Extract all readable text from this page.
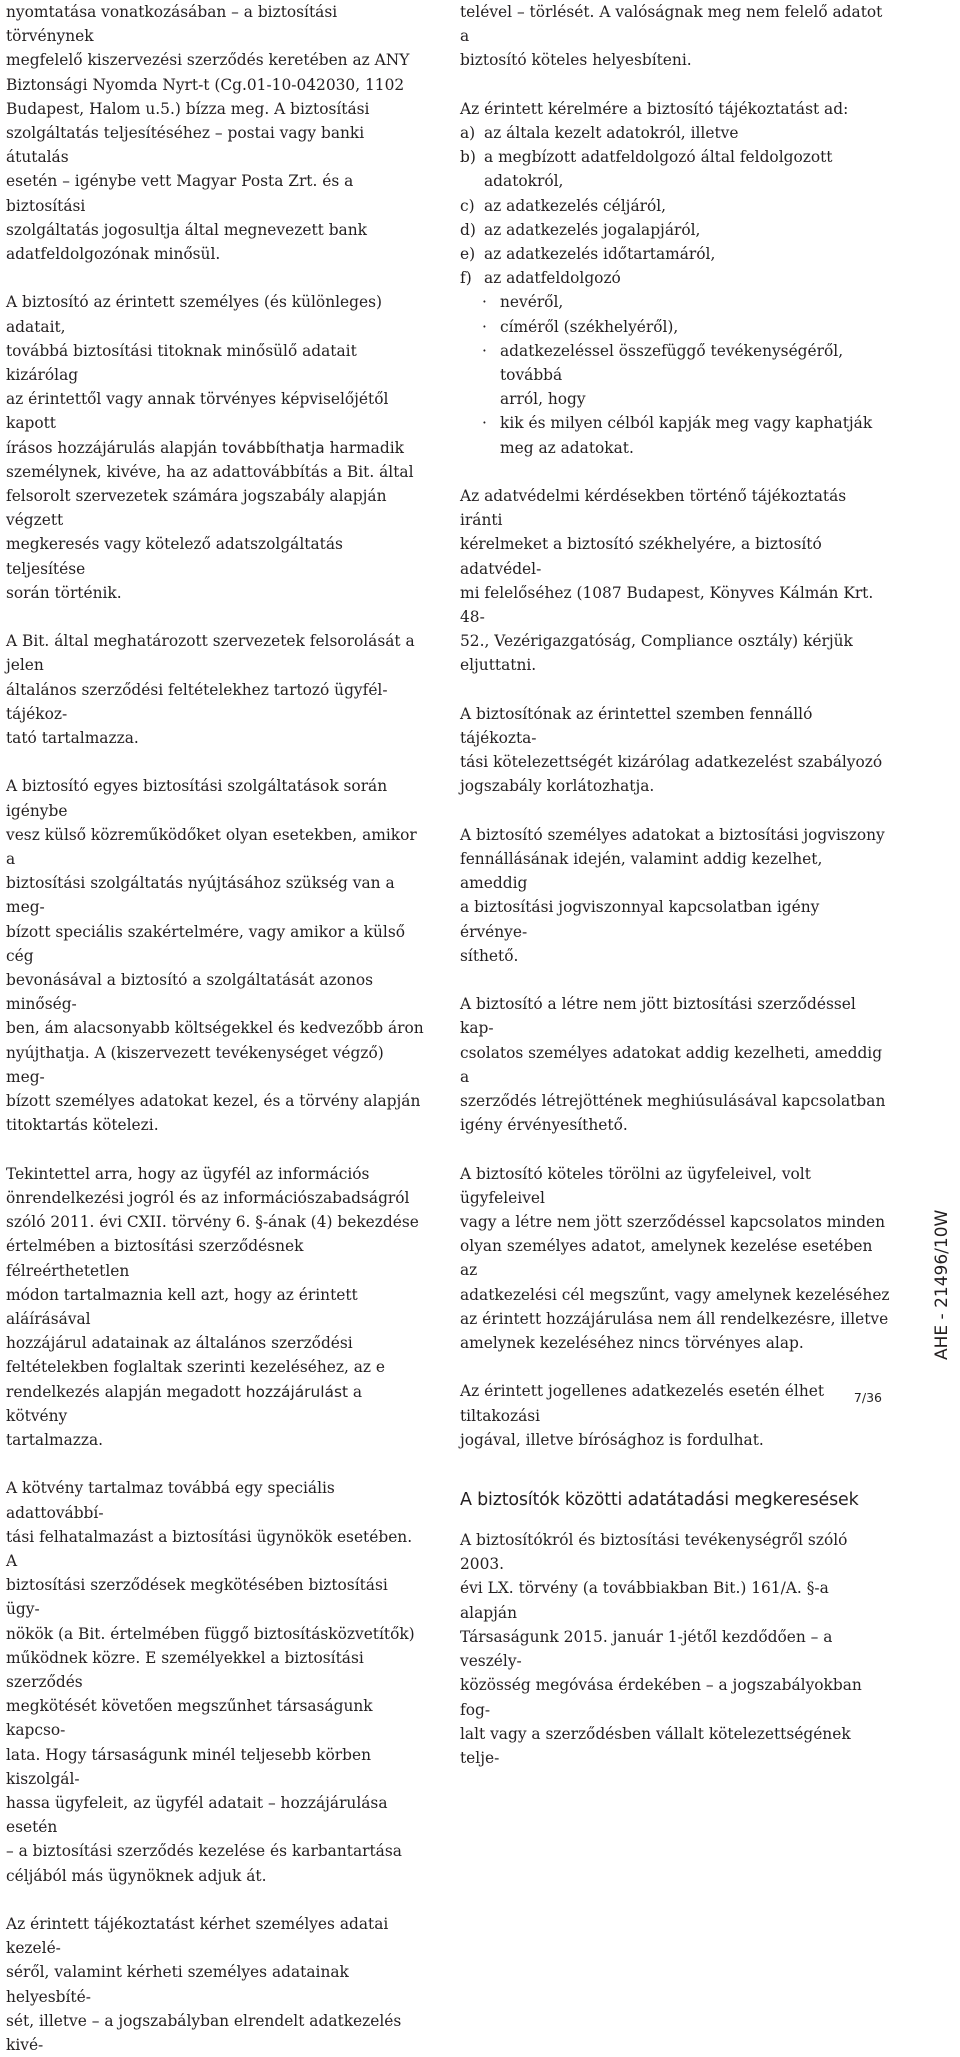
nyomtatása vonatkozásában – a biztosítási törvénynek
megfelelő kiszervezési szerződés keretében az ANY
Biztonsági Nyomda Nyrt-t (Cg.01-10-042030, 1102
Budapest, Halom u.5.) bízza meg. A biztosítási
szolgáltatás teljesítéséhez – postai vagy banki átutalás
esetén – igénybe vett Magyar Posta Zrt. és a biztosítási
szolgáltatás jogosultja által megnevezett bank
adatfeldolgozónak minősül.

A biztosító az érintett személyes (és különleges) adatait,
továbbá biztosítási titoknak minősülő adatait kizárólag
az érintettől vagy annak törvényes képviselőjétől kapott
írásos hozzájárulás alapján továbbíthatja harmadik
személynek, kivéve, ha az adattovábbítás a Bit. által
felsorolt szervezetek számára jogszabály alapján végzett
megkeresés vagy kötelező adatszolgáltatás teljesítése
során történik.

A Bit. által meghatározott szervezetek felsorolását a jelen
általános szerződési feltételekhez tartozó ügyfél-tájékoz-
tató tartalmazza.

A biztosító egyes biztosítási szolgáltatások során igénybe
vesz külső közreműködőket olyan esetekben, amikor a
biztosítási szolgáltatás nyújtásához szükség van a meg-
bízott speciális szakértelmére, vagy amikor a külső cég
bevonásával a biztosító a szolgáltatását azonos minőség-
ben, ám alacsonyabb költségekkel és kedvezőbb áron
nyújthatja. A (kiszervezett tevékenységet végző) meg-
bízott személyes adatokat kezel, és a törvény alapján
titoktartás kötelezi.

Tekintettel arra, hogy az ügyfél az információs
önrendelkezési jogról és az információszabadságról
szóló 2011. évi CXII. törvény 6. §-ának (4) bekezdése
értelmében a biztosítási szerződésnek félreérthetetlen
módon tartalmaznia kell azt, hogy az érintett aláírásával
hozzájárul adatainak az általános szerződési
feltételekben foglaltak szerinti kezeléséhez, az e
rendelkezés alapján megadott hozzájárulást a kötvény
tartalmazza.

A kötvény tartalmaz továbbá egy speciális adattovábbí-
tási felhatalmazást a biztosítási ügynökök esetében. A
biztosítási szerződések megkötésében biztosítási ügy-
nökök (a Bit. értelmében függő biztosításközvetítők)
működnek közre. E személyekkel a biztosítási szerződés
megkötését követően megszűnhet társaságunk kapcso-
lata. Hogy társaságunk minél teljesebb körben kiszolgál-
hassa ügyfeleit, az ügyfél adatait – hozzájárulása esetén
– a biztosítási szerződés kezelése és karbantartása
céljából más ügynöknek adjuk át.

Az érintett tájékoztatást kérhet személyes adatai kezelé-
séről, valamint kérheti személyes adatainak helyesbíté-
sét, illetve – a jogszabályban elrendelt adatkezelés kivé-

telével – törlését. A valóságnak meg nem felelő adatot a
biztosító köteles helyesbíteni.

Az érintett kérelmére a biztosító tájékoztatást ad:

a) az általa kezelt adatokról, illetve
b) a megbízott adatfeldolgozó által feldolgozott
adatokról,
c) az adatkezelés céljáról,
d) az adatkezelés jogalapjáról,
e) az adatkezelés időtartamáról,
f) az adatfeldolgozó
· nevéről,
· címéről (székhelyéről),
· adatkezeléssel összefüggő tevékenységéről, továbbá
arról, hogy
· kik és milyen célból kapják meg vagy kaphatják
meg az adatokat.

Az adatvédelmi kérdésekben történő tájékoztatás iránti
kérelmeket a biztosító székhelyére, a biztosító adatvédel-
mi felelőséhez (1087 Budapest, Könyves Kálmán Krt. 48-
52., Vezérigazgatóság, Compliance osztály) kérjük
eljuttatni.

A biztosítónak az érintettel szemben fennálló tájékozta-
tási kötelezettségét kizárólag adatkezelést szabályozó
jogszabály korlátozhatja.

A biztosító személyes adatokat a biztosítási jogviszony
fennállásának idején, valamint addig kezelhet, ameddig
a biztosítási jogviszonnyal kapcsolatban igény érvénye-
síthető.

A biztosító a létre nem jött biztosítási szerződéssel kap-
csolatos személyes adatokat addig kezelheti, ameddig a
szerződés létrejöttének meghiúsulásával kapcsolatban
igény érvényesíthető.

A biztosító köteles törölni az ügyfeleivel, volt ügyfeleivel
vagy a létre nem jött szerződéssel kapcsolatos minden
olyan személyes adatot, amelynek kezelése esetében az
adatkezelési cél megszűnt, vagy amelynek kezeléséhez
az érintett hozzájárulása nem áll rendelkezésre, illetve
amelynek kezeléséhez nincs törvényes alap.

Az érintett jogellenes adatkezelés esetén élhet tiltakozási
jogával, illetve bírósághoz is fordulhat.

A biztosítók közötti adatátadási megkeresések

A biztosítókról és biztosítási tevékenységről szóló 2003.
évi LX. törvény (a továbbiakban Bit.) 161/A. §-a alapján
Társaságunk 2015. január 1-jétől kezdődően – a veszély-
közösség megóvása érdekében – a jogszabályokban fog-
lalt vagy a szerződésben vállalt kötelezettségének telje-

AHE - 21496/10W
7/36
